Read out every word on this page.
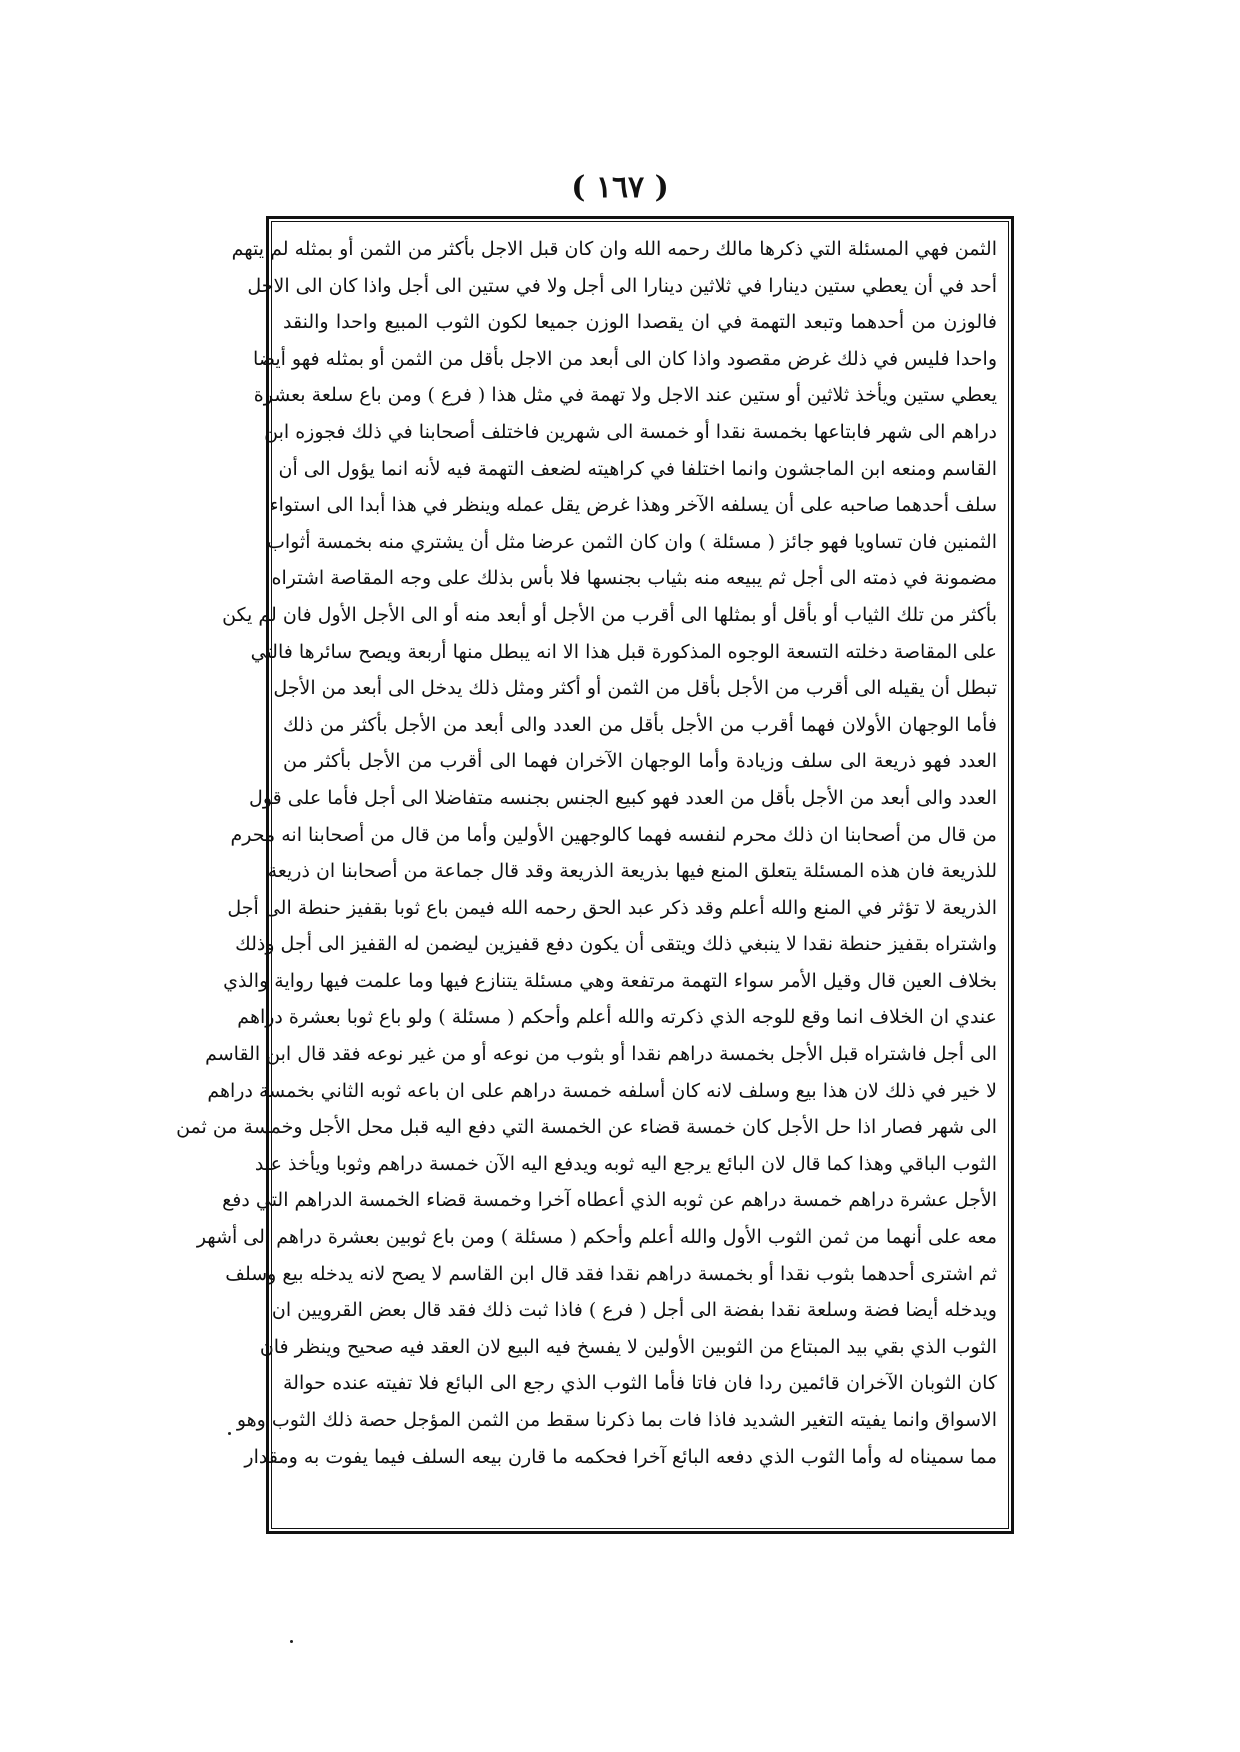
( ١٦٧ )
الثمن فهي المسئلة التي ذكرها مالك رحمه الله وان كان قبل الاجل بأكثر من الثمن أو بمثله لم يتهم
أحد في أن يعطي ستين دينارا في ثلاثين دينارا الى أجل ولا في ستين الى أجل واذا كان الى الاجل
فالوزن من أحدهما وتبعد التهمة في ان يقصدا الوزن جميعا لكون الثوب المبيع واحدا والنقد
واحدا فليس في ذلك غرض مقصود واذا كان الى أبعد من الاجل بأقل من الثمن أو بمثله فهو أيضا
يعطي ستين ويأخذ ثلاثين أو ستين عند الاجل ولا تهمة في مثل هذا ( فرع ) ومن باع سلعة بعشرة
دراهم الى شهر فابتاعها بخمسة نقدا أو خمسة الى شهرين فاختلف أصحابنا في ذلك فجوزه ابن
القاسم ومنعه ابن الماجشون وانما اختلفا في كراهيته لضعف التهمة فيه لأنه انما يؤول الى أن
سلف أحدهما صاحبه على أن يسلفه الآخر وهذا غرض يقل عمله وينظر في هذا أبدا الى استواء
الثمنين فان تساويا فهو جائز ( مسئلة ) وان كان الثمن عرضا مثل أن يشتري منه بخمسة أثواب
مضمونة في ذمته الى أجل ثم يبيعه منه بثياب بجنسها فلا بأس بذلك على وجه المقاصة اشتراه
بأكثر من تلك الثياب أو بأقل أو بمثلها الى أقرب من الأجل أو أبعد منه أو الى الأجل الأول فان لم يكن
على المقاصة دخلته التسعة الوجوه المذكورة قبل هذا الا انه يبطل منها أربعة ويصح سائرها فالتي
تبطل أن يقيله الى أقرب من الأجل بأقل من الثمن أو أكثر ومثل ذلك يدخل الى أبعد من الأجل
فأما الوجهان الأولان فهما أقرب من الأجل بأقل من العدد والى أبعد من الأجل بأكثر من ذلك
العدد فهو ذريعة الى سلف وزيادة وأما الوجهان الآخران فهما الى أقرب من الأجل بأكثر من
العدد والى أبعد من الأجل بأقل من العدد فهو كبيع الجنس بجنسه متفاضلا الى أجل فأما على قول
من قال من أصحابنا ان ذلك محرم لنفسه فهما كالوجهين الأولين وأما من قال من أصحابنا انه محرم
للذريعة فان هذه المسئلة يتعلق المنع فيها بذريعة الذريعة وقد قال جماعة من أصحابنا ان ذريعة
الذريعة لا تؤثر في المنع والله أعلم وقد ذكر عبد الحق رحمه الله فيمن باع ثوبا بقفيز حنطة الى أجل
واشتراه بقفيز حنطة نقدا لا ينبغي ذلك ويتقى أن يكون دفع قفيزين ليضمن له القفيز الى أجل وذلك
بخلاف العين قال وقيل الأمر سواء التهمة مرتفعة وهي مسئلة يتنازع فيها وما علمت فيها رواية والذي
عندي ان الخلاف انما وقع للوجه الذي ذكرته والله أعلم وأحكم ( مسئلة ) ولو باع ثوبا بعشرة دراهم
الى أجل فاشتراه قبل الأجل بخمسة دراهم نقدا أو بثوب من نوعه أو من غير نوعه فقد قال ابن القاسم
لا خير في ذلك لان هذا بيع وسلف لانه كان أسلفه خمسة دراهم على ان باعه ثوبه الثاني بخمسة دراهم
الى شهر فصار اذا حل الأجل كان خمسة قضاء عن الخمسة التي دفع اليه قبل محل الأجل وخمسة من ثمن
الثوب الباقي وهذا كما قال لان البائع يرجع اليه ثوبه ويدفع اليه الآن خمسة دراهم وثوبا ويأخذ عند
الأجل عشرة دراهم خمسة دراهم عن ثوبه الذي أعطاه آخرا وخمسة قضاء الخمسة الدراهم التي دفع
معه على أنهما من ثمن الثوب الأول والله أعلم وأحكم ( مسئلة ) ومن باع ثوبين بعشرة دراهم الى أشهر
ثم اشترى أحدهما بثوب نقدا أو بخمسة دراهم نقدا فقد قال ابن القاسم لا يصح لانه يدخله بيع وسلف
ويدخله أيضا فضة وسلعة نقدا بفضة الى أجل ( فرع ) فاذا ثبت ذلك فقد قال بعض القرويين ان
الثوب الذي بقي بيد المبتاع من الثوبين الأولين لا يفسخ فيه البيع لان العقد فيه صحيح وينظر فان
كان الثوبان الآخران قائمين ردا فان فاتا فأما الثوب الذي رجع الى البائع فلا تفيته عنده حوالة
الاسواق وانما يفيته التغير الشديد فاذا فات بما ذكرنا سقط من الثمن المؤجل حصة ذلك الثوب وهو
مما سميناه له وأما الثوب الذي دفعه البائع آخرا فحكمه ما قارن بيعه السلف فيما يفوت به ومقدار
